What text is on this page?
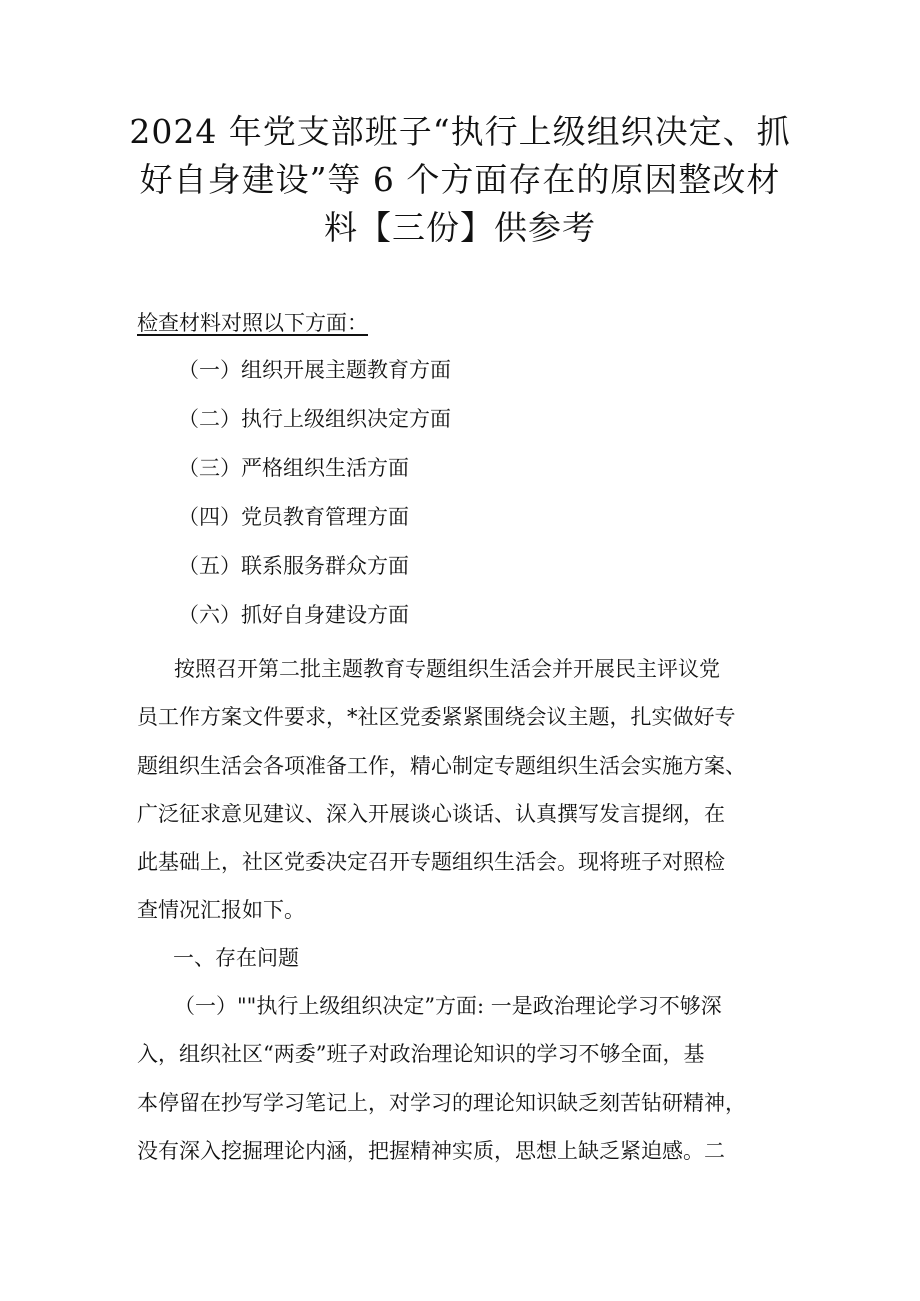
2024 年党支部班子“执行上级组织决定、抓
好自身建设”等 6 个方面存在的原因整改材
料【三份】供参考
检查材料对照以下方面：
（一）组织开展主题教育方面
（二）执行上级组织决定方面
（三）严格组织生活方面
（四）党员教育管理方面
（五）联系服务群众方面
（六）抓好自身建设方面
按照召开第二批主题教育专题组织生活会并开展民主评议党
员工作方案文件要求，*社区党委紧紧围绕会议主题，扎实做好专
题组织生活会各项准备工作，精心制定专题组织生活会实施方案、
广泛征求意见建议、深入开展谈心谈话、认真撰写发言提纲，在
此基础上，社区党委决定召开专题组织生活会。现将班子对照检
查情况汇报如下。
一、存在问题
（一）""执行上级组织决定”方面: 一是政治理论学习不够深
入，组织社区“两委”班子对政治理论知识的学习不够全面，基
本停留在抄写学习笔记上，对学习的理论知识缺乏刻苦钻研精神，
没有深入挖掘理论内涵，把握精神实质，思想上缺乏紧迫感。二
